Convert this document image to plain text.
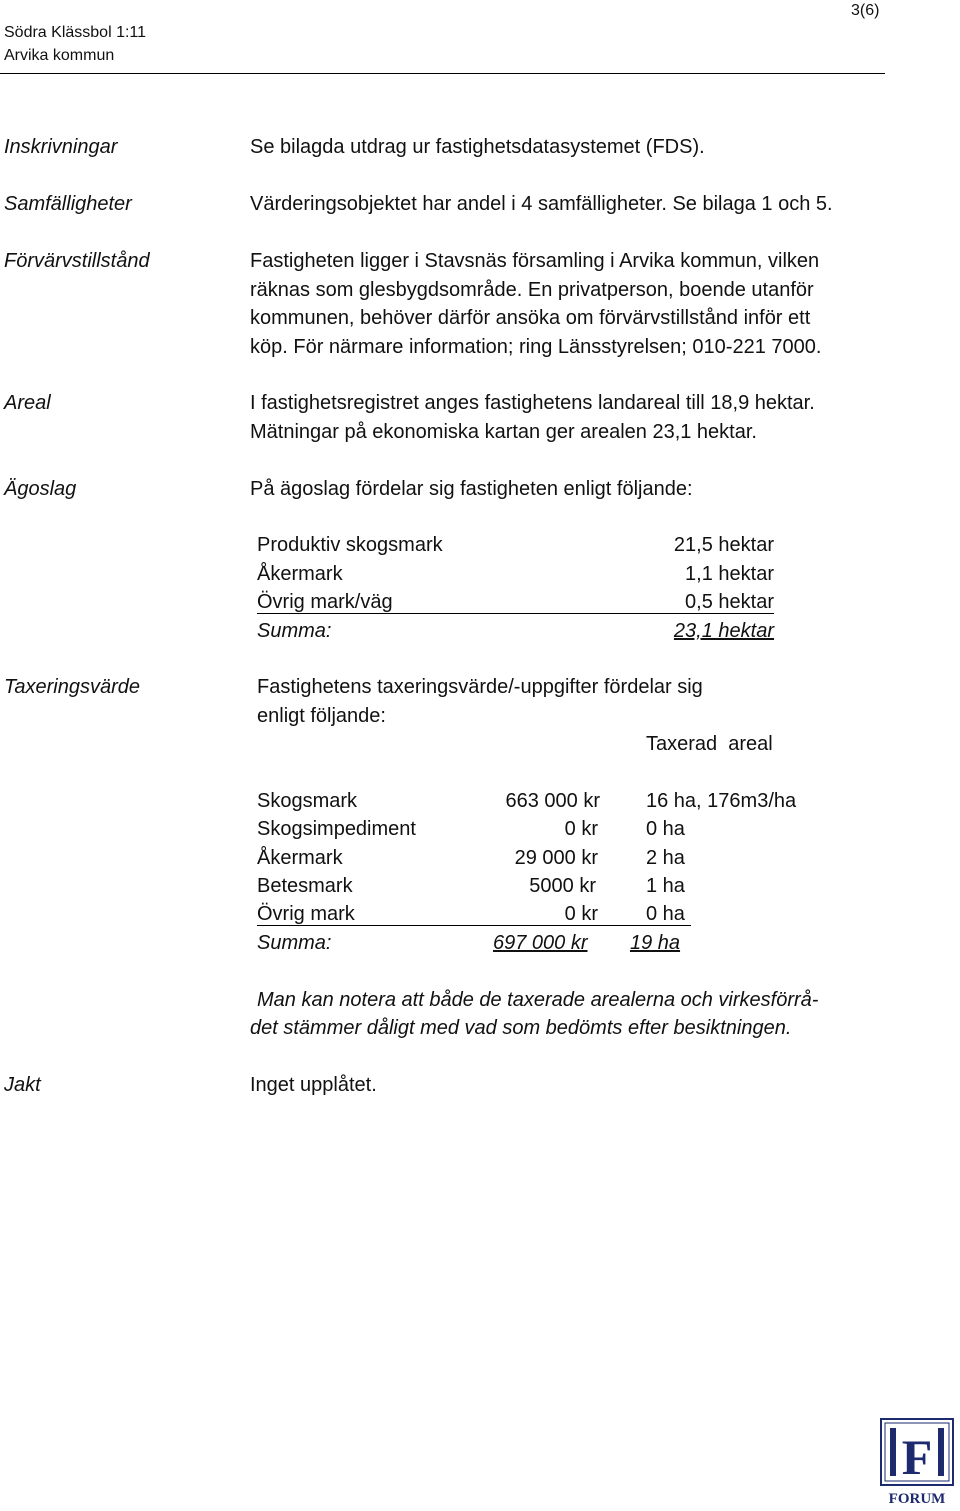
Södra Klässbol 1:11
Arvika kommun
3(6)
Inskrivningar	Se bilagda utdrag ur fastighetsdatasystemet (FDS).
Samfälligheter	Värderingsobjektet har andel i 4 samfälligheter. Se bilaga 1 och 5.
Förvärvstillstånd	Fastigheten ligger i Stavsnäs församling i Arvika kommun, vilken
räknas som glesbygdsområde. En privatperson, boende utanför
kommunen, behöver därför ansöka om förvärvstillstånd inför ett
köp. För närmare information; ring Länsstyrelsen; 010-221 7000.
Areal	I fastighetsregistret anges fastighetens landareal till 18,9 hektar.
Mätningar på ekonomiska kartan ger arealen 23,1 hektar.
Ägoslag	På ägoslag fördelar sig fastigheten enligt följande:
Produktiv skogsmark	21,5 hektar
Åkermark	1,1 hektar
Övrig mark/väg	0,5 hektar
Summa:	23,1 hektar
Taxeringsvärde	Fastighetens taxeringsvärde/-uppgifter fördelar sig
enligt följande:
Taxerad  areal
Skogsmark	663 000 kr 16 ha, 176m3/ha
Skogsimpediment	0 kr 0 ha
Åkermark	29 000 kr 2 ha
Betesmark	5000 kr	1 ha
Övrig mark	0 kr 0 ha
Summa:	697 000 kr 19 ha
Man kan notera att både de taxerade arealerna och virkesförrå-
det stämmer dåligt med vad som bedömts efter besiktningen.
Jakt	Inget upplåtet.
F
FORUM
